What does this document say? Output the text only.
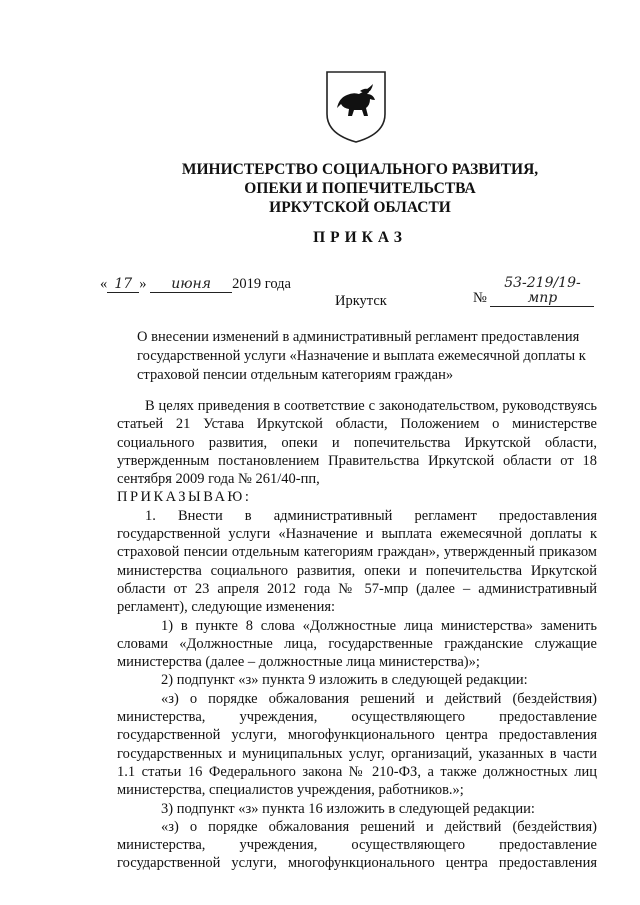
МИНИСТЕРСТВО СОЦИАЛЬНОГО РАЗВИТИЯ,
ОПЕКИ И ПОПЕЧИТЕЛЬСТВА
ИРКУТСКОЙ ОБЛАСТИ
ПРИКАЗ
« 17 » июня 2019 года
№ 53-219/19-мпр
Иркутск
О внесении изменений в административный регламент предоставления государственной услуги «Назначение и выплата ежемесячной доплаты к страховой пенсии отдельным категориям граждан»

В целях приведения в соответствие с законодательством, руководствуясь статьей 21 Устава Иркутской области, Положением о министерстве социального развития, опеки и попечительства Иркутской области, утвержденным постановлением Правительства Иркутской области от 18 сентября 2009 года № 261/40-пп,

ПРИКАЗЫВАЮ:

1. Внести в административный регламент предоставления государственной услуги «Назначение и выплата ежемесячной доплаты к страховой пенсии отдельным категориям граждан», утвержденный приказом министерства социального развития, опеки и попечительства Иркутской области от 23 апреля 2012 года № 57-мпр (далее – административный регламент), следующие изменения:

1) в пункте 8 слова «Должностные лица министерства» заменить словами «Должностные лица, государственные гражданские служащие министерства (далее – должностные лица министерства)»;

2) подпункт «з» пункта 9 изложить в следующей редакции:

«з) о порядке обжалования решений и действий (бездействия) министерства, учреждения, осуществляющего предоставление государственной услуги, многофункционального центра предоставления государственных и муниципальных услуг, организаций, указанных в части 1.1 статьи 16 Федерального закона № 210-ФЗ, а также должностных лиц министерства, специалистов учреждения, работников.»;

3) подпункт «з» пункта 16 изложить в следующей редакции:

«з) о порядке обжалования решений и действий (бездействия) министерства, учреждения, осуществляющего предоставление государственной услуги, многофункционального центра предоставления
